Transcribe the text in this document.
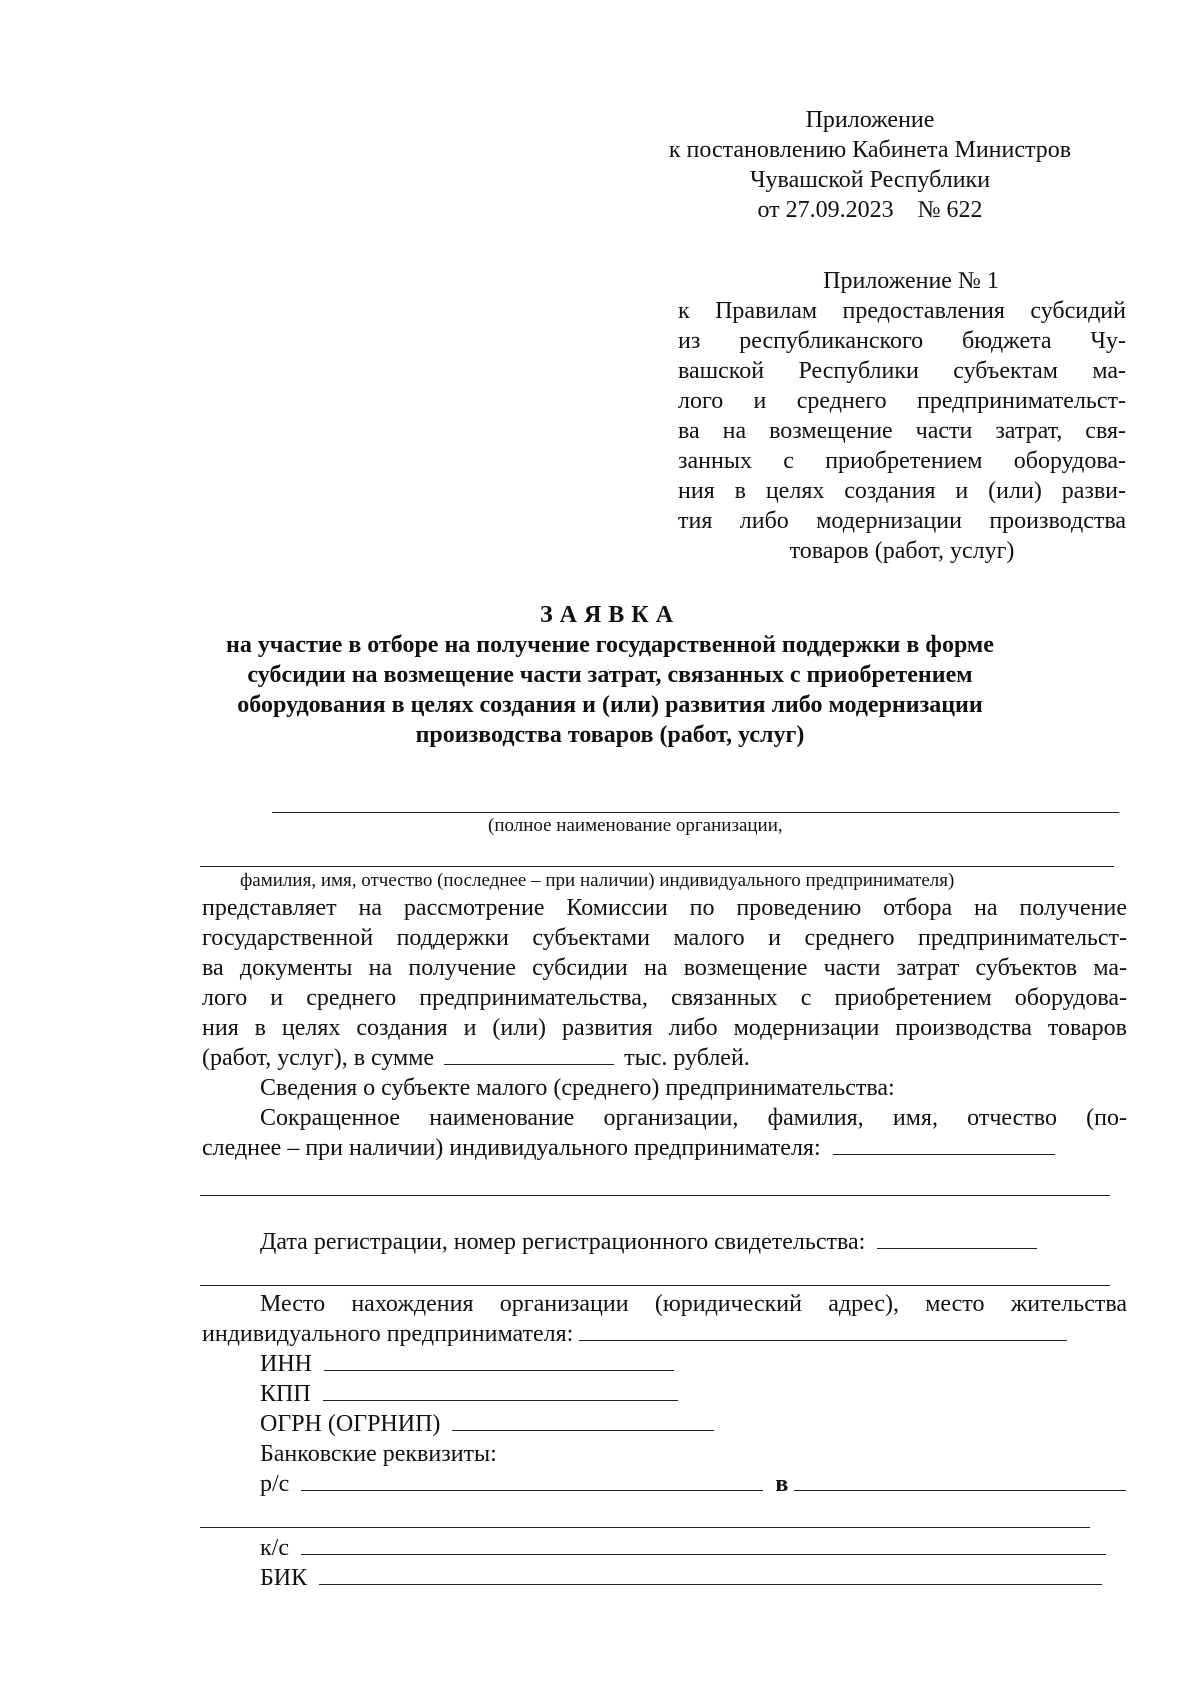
Приложение
к постановлению Кабинета Министров
Чувашской Республики
от 27.09.2023    № 622
Приложение № 1
к Правилам предоставления субсидий
из республиканского бюджета Чу-
вашской Республики субъектам ма-
лого и среднего предпринимательст-
ва на возмещение части затрат, свя-
занных с приобретением оборудова-
ния в целях создания и (или) разви-
тия либо модернизации производства
товаров (работ, услуг)
ЗАЯВКА
на участие в отборе на получение государственной поддержки в форме
субсидии на возмещение части затрат, связанных с приобретением
оборудования в целях создания и (или) развития либо модернизации
производства товаров (работ, услуг)
(полное наименование организации,
фамилия, имя, отчество (последнее – при наличии) индивидуального предпринимателя)
представляет на рассмотрение Комиссии по проведению отбора на получение
государственной поддержки субъектами малого и среднего предпринимательст-
ва документы на получение субсидии на возмещение части затрат субъектов ма-
лого и среднего предпринимательства, связанных с приобретением оборудова-
ния в целях создания и (или) развития либо модернизации производства товаров
(работ, услуг), в сумме	тыс. рублей.
Сведения о субъекте малого (среднего) предпринимательства:
Сокращенное наименование организации, фамилия, имя, отчество (по-
следнее – при наличии) индивидуального предпринимателя:
Дата регистрации, номер регистрационного свидетельства:
Место нахождения организации (юридический адрес), место жительства
индивидуального предпринимателя:
ИНН
КПП
ОГРН (ОГРНИП)
Банковские реквизиты:
р/с	в
к/с
БИК
